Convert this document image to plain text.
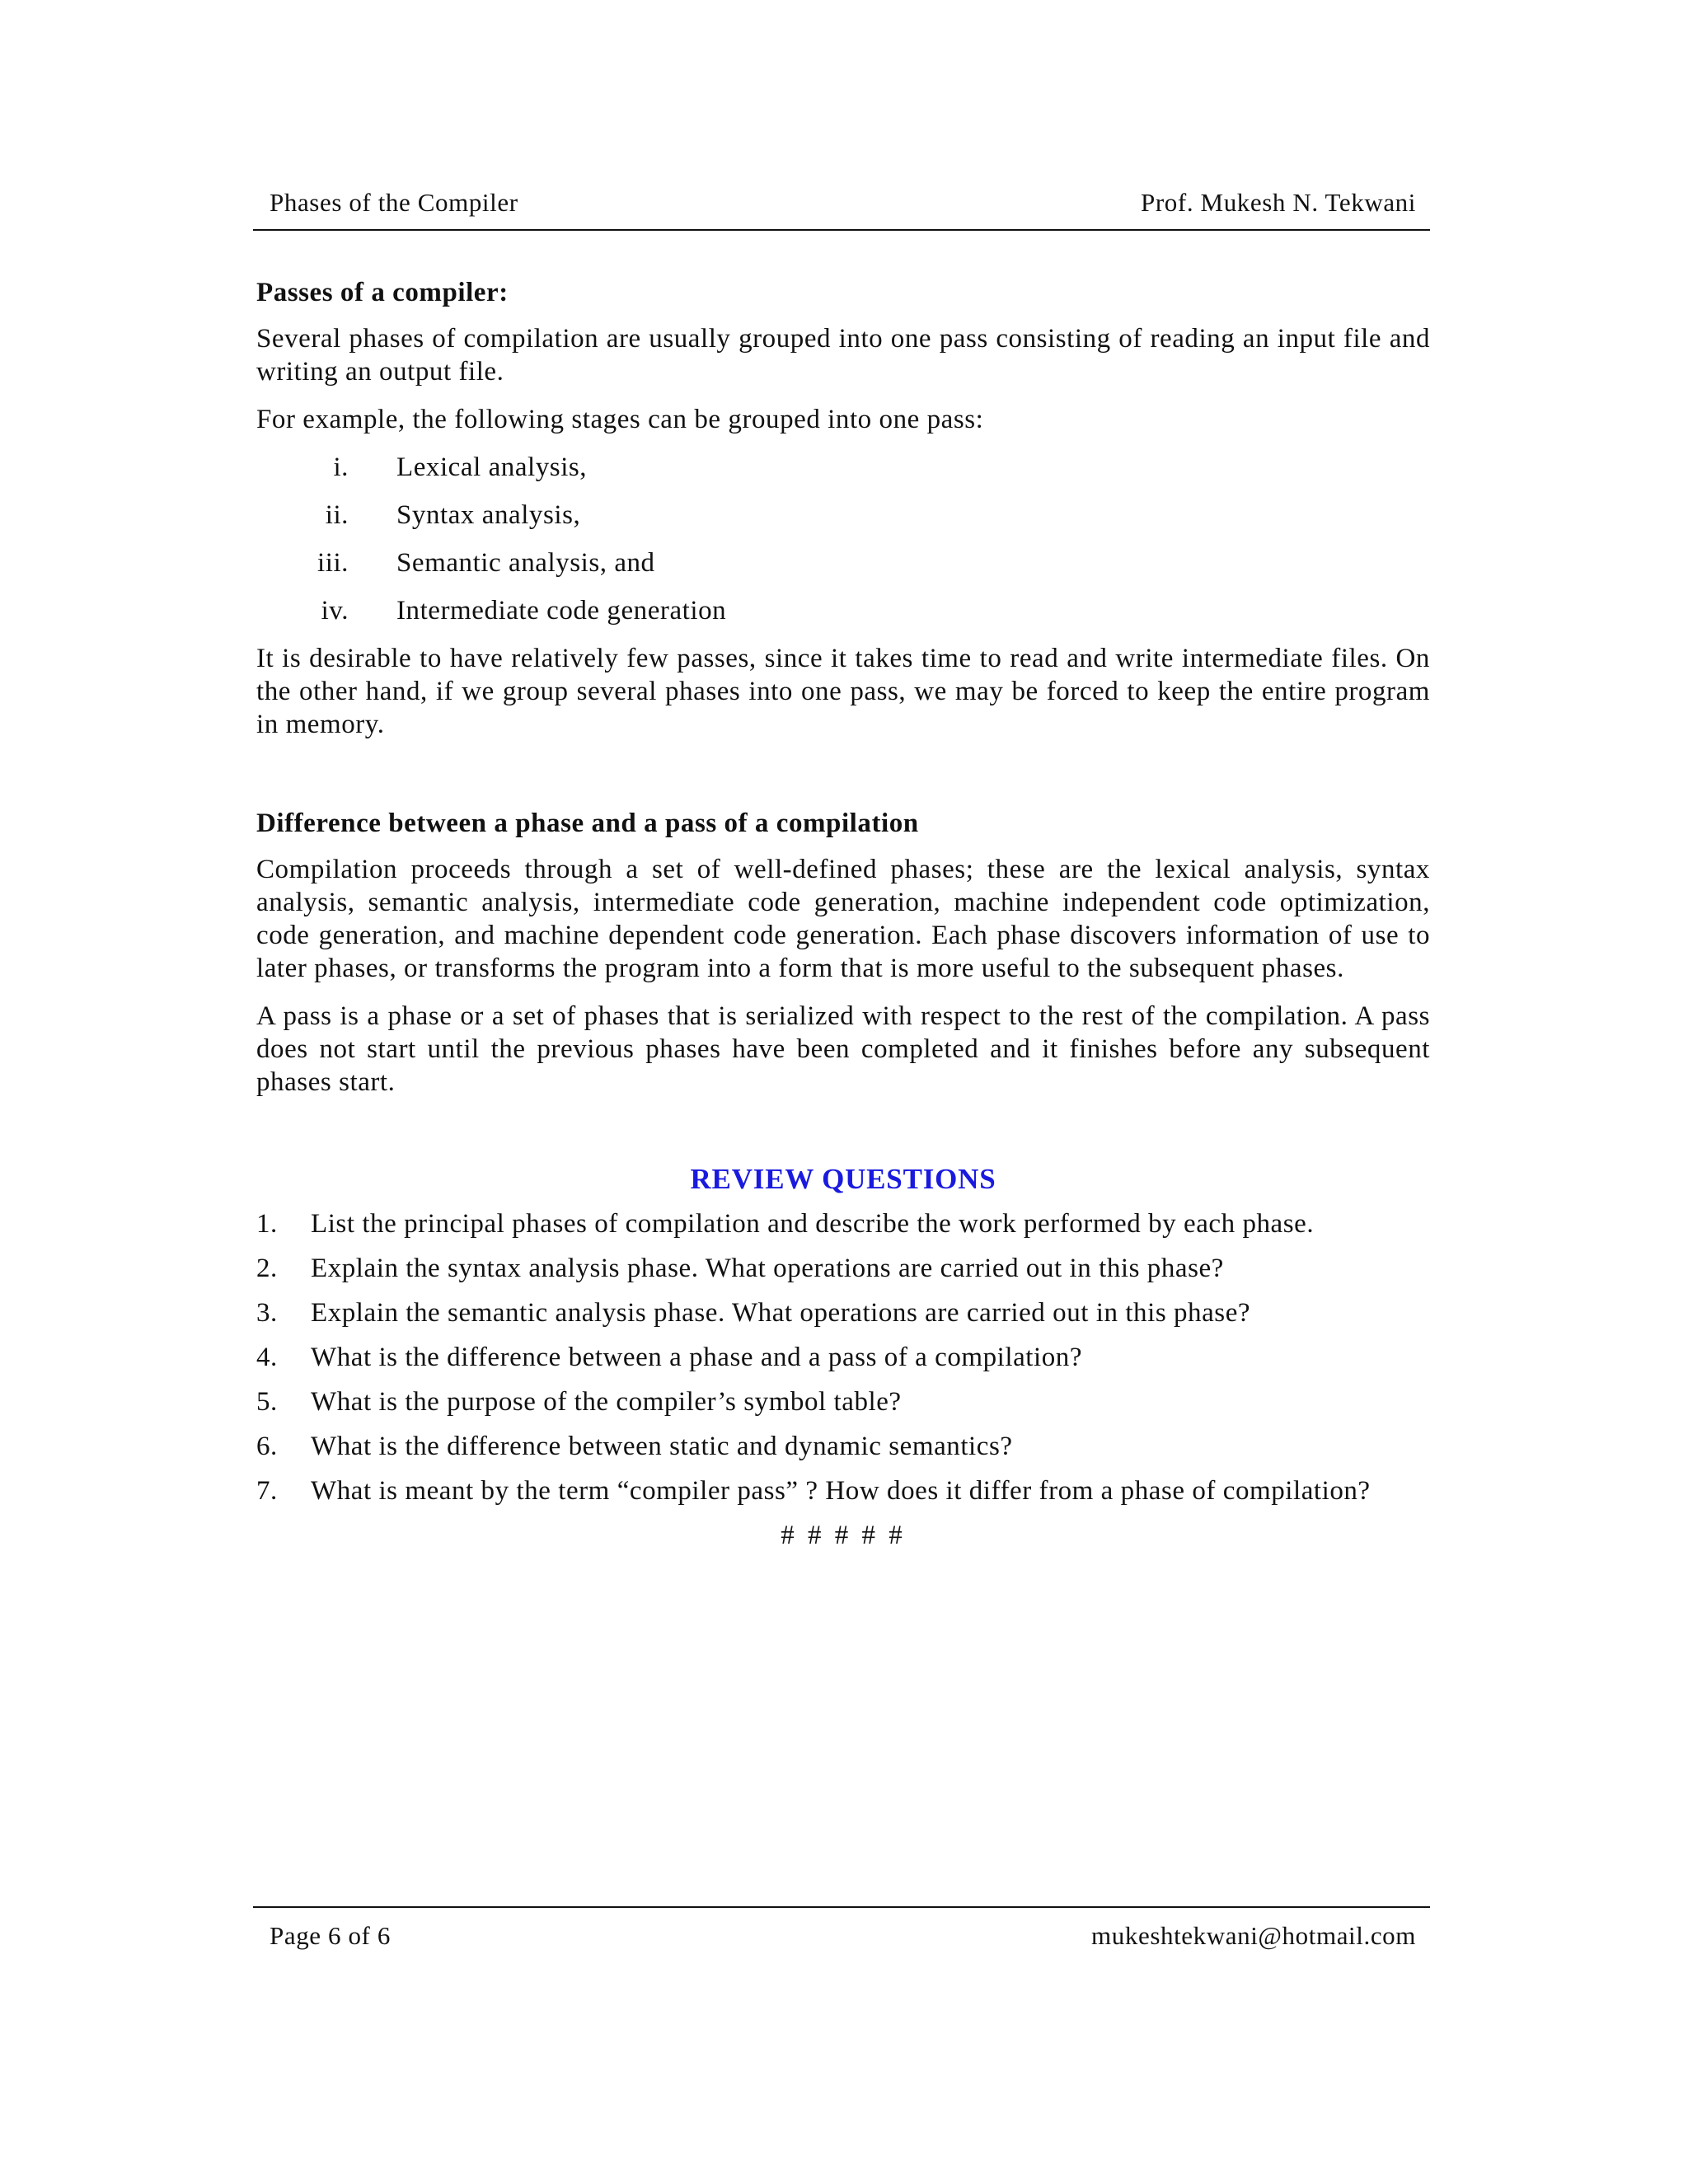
Phases of the Compiler	Prof. Mukesh N. Tekwani
Passes of a compiler:
Several phases of compilation are usually grouped into one pass consisting of reading an input file and writing an output file.
For example, the following stages can be grouped into one pass:
i. Lexical analysis,
ii. Syntax analysis,
iii. Semantic analysis, and
iv. Intermediate code generation
It is desirable to have relatively few passes, since it takes time to read and write intermediate files. On the other hand, if we group several phases into one pass, we may be forced to keep the entire program in memory.
Difference between a phase and a pass of a compilation
Compilation proceeds through a set of well-defined phases; these are the lexical analysis, syntax analysis, semantic analysis, intermediate code generation, machine independent code optimization, code generation, and machine dependent code generation. Each phase discovers information of use to later phases, or transforms the program into a form that is more useful to the subsequent phases.
A pass is a phase or a set of phases that is serialized with respect to the rest of the compilation. A pass does not start until the previous phases have been completed and it finishes before any subsequent phases start.
REVIEW QUESTIONS
1. List the principal phases of compilation and describe the work performed by each phase.
2. Explain the syntax analysis phase. What operations are carried out in this phase?
3. Explain the semantic analysis phase. What operations are carried out in this phase?
4. What is the difference between a phase and a pass of a compilation?
5. What is the purpose of the compiler’s symbol table?
6. What is the difference between static and dynamic semantics?
7. What is meant by the term “compiler pass” ? How does it differ from a phase of compilation?
# # # # #
Page 6 of 6	mukeshtekwani@hotmail.com
